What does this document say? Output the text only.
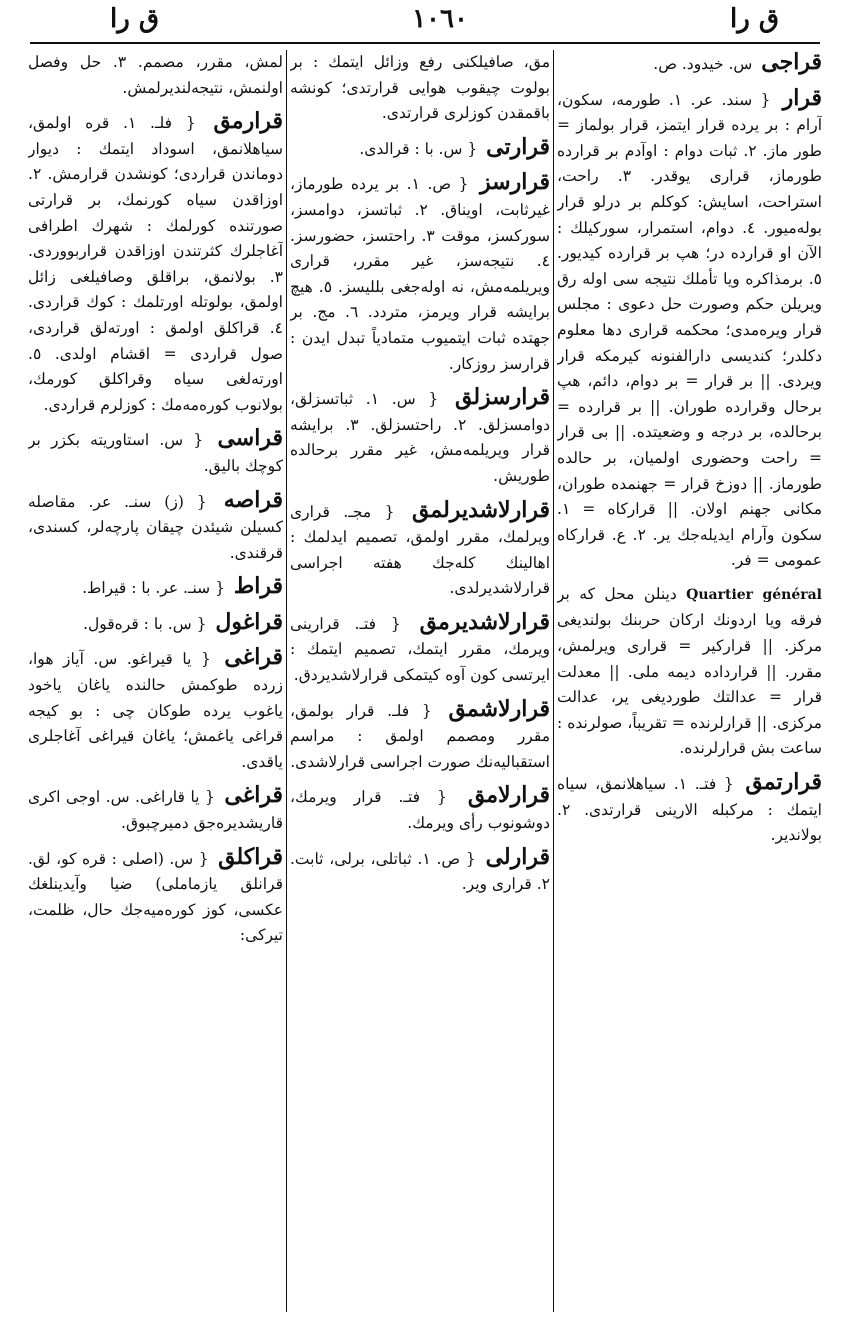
ق را	١٠٦٠	ق را
قراجی س. خیدود. ص.
قرار { سند. عر. ١. طورمه، سکون، آرام : بر یرده قرار ایتمز، قرار بولماز = طور ماز. ٢. ثبات دوام : اوآدم بر قرارده طورماز، قراری یوقدر. ٣. راحت، استراحت، اسایش: کوکلم بر درلو قرار بولەمیور. ٤. دوام، استمرار، سورکیلك : الآن او قرارده در؛ هپ بر قرارده کیدیور. ٥. برمذاکره ویا تأملك نتیجه سی اوله رق ویریلن حکم وصورت حل دعوی : مجلس قرار ویرەمدی؛ محکمه قراری دها معلوم دکلدر؛ کندیسی دارالفنونه کیرمکه قرار ویردی. || بر قرار = بر دوام، دائم، هپ برحال وقرارده طوران. || بر قرارده = برحالده، بر درجه و وضعیتده. || بی قرار = راحت وحضوری اولمیان، بر حالده طورماز. || دوزخ قرار = جهنمده طوران، مکانی جهنم اولان. || قرارکاه = ١. سکون وآرام ایدیله‌جك یر. ٢. ع. قرارکاه عمومی = فر.
Quartier général دینلن محل که بر فرقه ویا اردونك ارکان حربنك بولندیغی مرکز. || قرارکیر = قراری ویرلمش، مقرر. || قرارداده دیمه ملی. || معدلت قرار = عدالتك طوردیغی یر، عدالت مرکزی. || قرارلرنده = تقریباً، صولرنده : ساعت بش قرارلرنده.
قرارتمق { فتـ. ١. سیاهلانمق، سیاه ایتمك : مرکبله الارینی قرارتدی. ٢. بولاندیر.
مق، صافیلکنی رفع وزائل ایتمك : بر بولوت چیقوب هوایی قرارتدی؛ کونشه باقمقدن کوزلری قرارتدی.
قرارتی { س. با : قرالدی.
قرارسز { ص. ١. بر یرده طورماز، غیرثابت، اویناق. ٢. ثباتسز، دوامسز، سورکسز، موقت ٣. راحتسز، حضورسز. ٤. نتیجه‌سز، غیر مقرر، قراری ویریلمه‌مش، نه اوله‌جغی بللیسز. ٥. هیچ برایشه قرار ویرمز، متردد. ٦. مج. بر جهتده ثبات ایتمیوب متمادیاً تبدل ایدن : قرارسز روزکار.
قرارسزلق { س. ١. ثباتسزلق، دوامسزلق. ٢. راحتسزلق. ٣. برایشه قرار ویریلمه‌مش، غیر مقرر برحالده طوریش.
قرارلاشدیرلمق { مجـ. قراری ویرلمك، مقرر اولمق، تصمیم ایدلمك : اهالینك کله‌جك هفته اجراسی قرارلاشدیرلدی.
قرارلاشدیرمق { فتـ. قرارینی ویرمك، مقرر ایتمك، تصمیم ایتمك : ایرتسی کون آوه کیتمکی قرارلاشدیردق.
قرارلاشمق { فلـ. قرار بولمق، مقرر ومصمم اولمق : مراسم استقبالیه‌نك صورت اجراسی قرارلاشدی.
قرارلامق { فتـ. قرار ویرمك، دوشونوب رأی ویرمك.
قرارلی { ص. ١. ثباتلی، برلی، ثابت. ٢. قراری ویر.
لمش، مقرر، مصمم. ٣. حل وفصل اولنمش، نتیجه‌لندیرلمش.
قرارمق { فلـ. ١. قره اولمق، سیاهلانمق، اسوداد ایتمك : دیوار دوماندن قراردی؛ کونشدن قرارمش. ٢. اوزاقدن سیاه کورنمك، بر قرارتی صورتنده کورلمك : شهرك اطرافی آغاجلرك کثرتندن اوزاقدن قراربووردی. ٣. بولانمق، براقلق وصافیلغی زائل اولمق، بولوتله اورتلمك : کوك قراردی. ٤. قراکلق اولمق : اورته‌لق قراردی، صول قراردی = اقشام اولدی. ٥. اورتەلغی سیاه وقراکلق کورمك، بولانوب کوره‌مه‌مك : کوزلرم قراردی.
قراسی { س. استاوریته بکزر بر کوچك بالیق.
قراصه { (ز) سنـ. عر. مقاصله کسیلن شیئدن چیقان پارچه‌لر، کسندی، قرقندی.
قراط { سنـ. عر. با : قیراط.
قراغول { س. با : قره‌قول.
قراغی { یا قیراغو. س. آیاز هوا، زرده طوکمش حالنده یاغان یاخود یاغوب یرده طوکان چی : بو کیجه قراغی یاغمش؛ یاغان قیراغی آغاجلری یاقدی.
قراغی { یا قاراغی. س. اوجی اکری قاریشدیرەجق دمیرچبوق.
قراکلق { س. (اصلی : قره کو، لق. قرانلق یازماملی) ضیا وآیدینلغك عکسی، کوز کوره‌میه‌جك حال، ظلمت، تیرکی:
